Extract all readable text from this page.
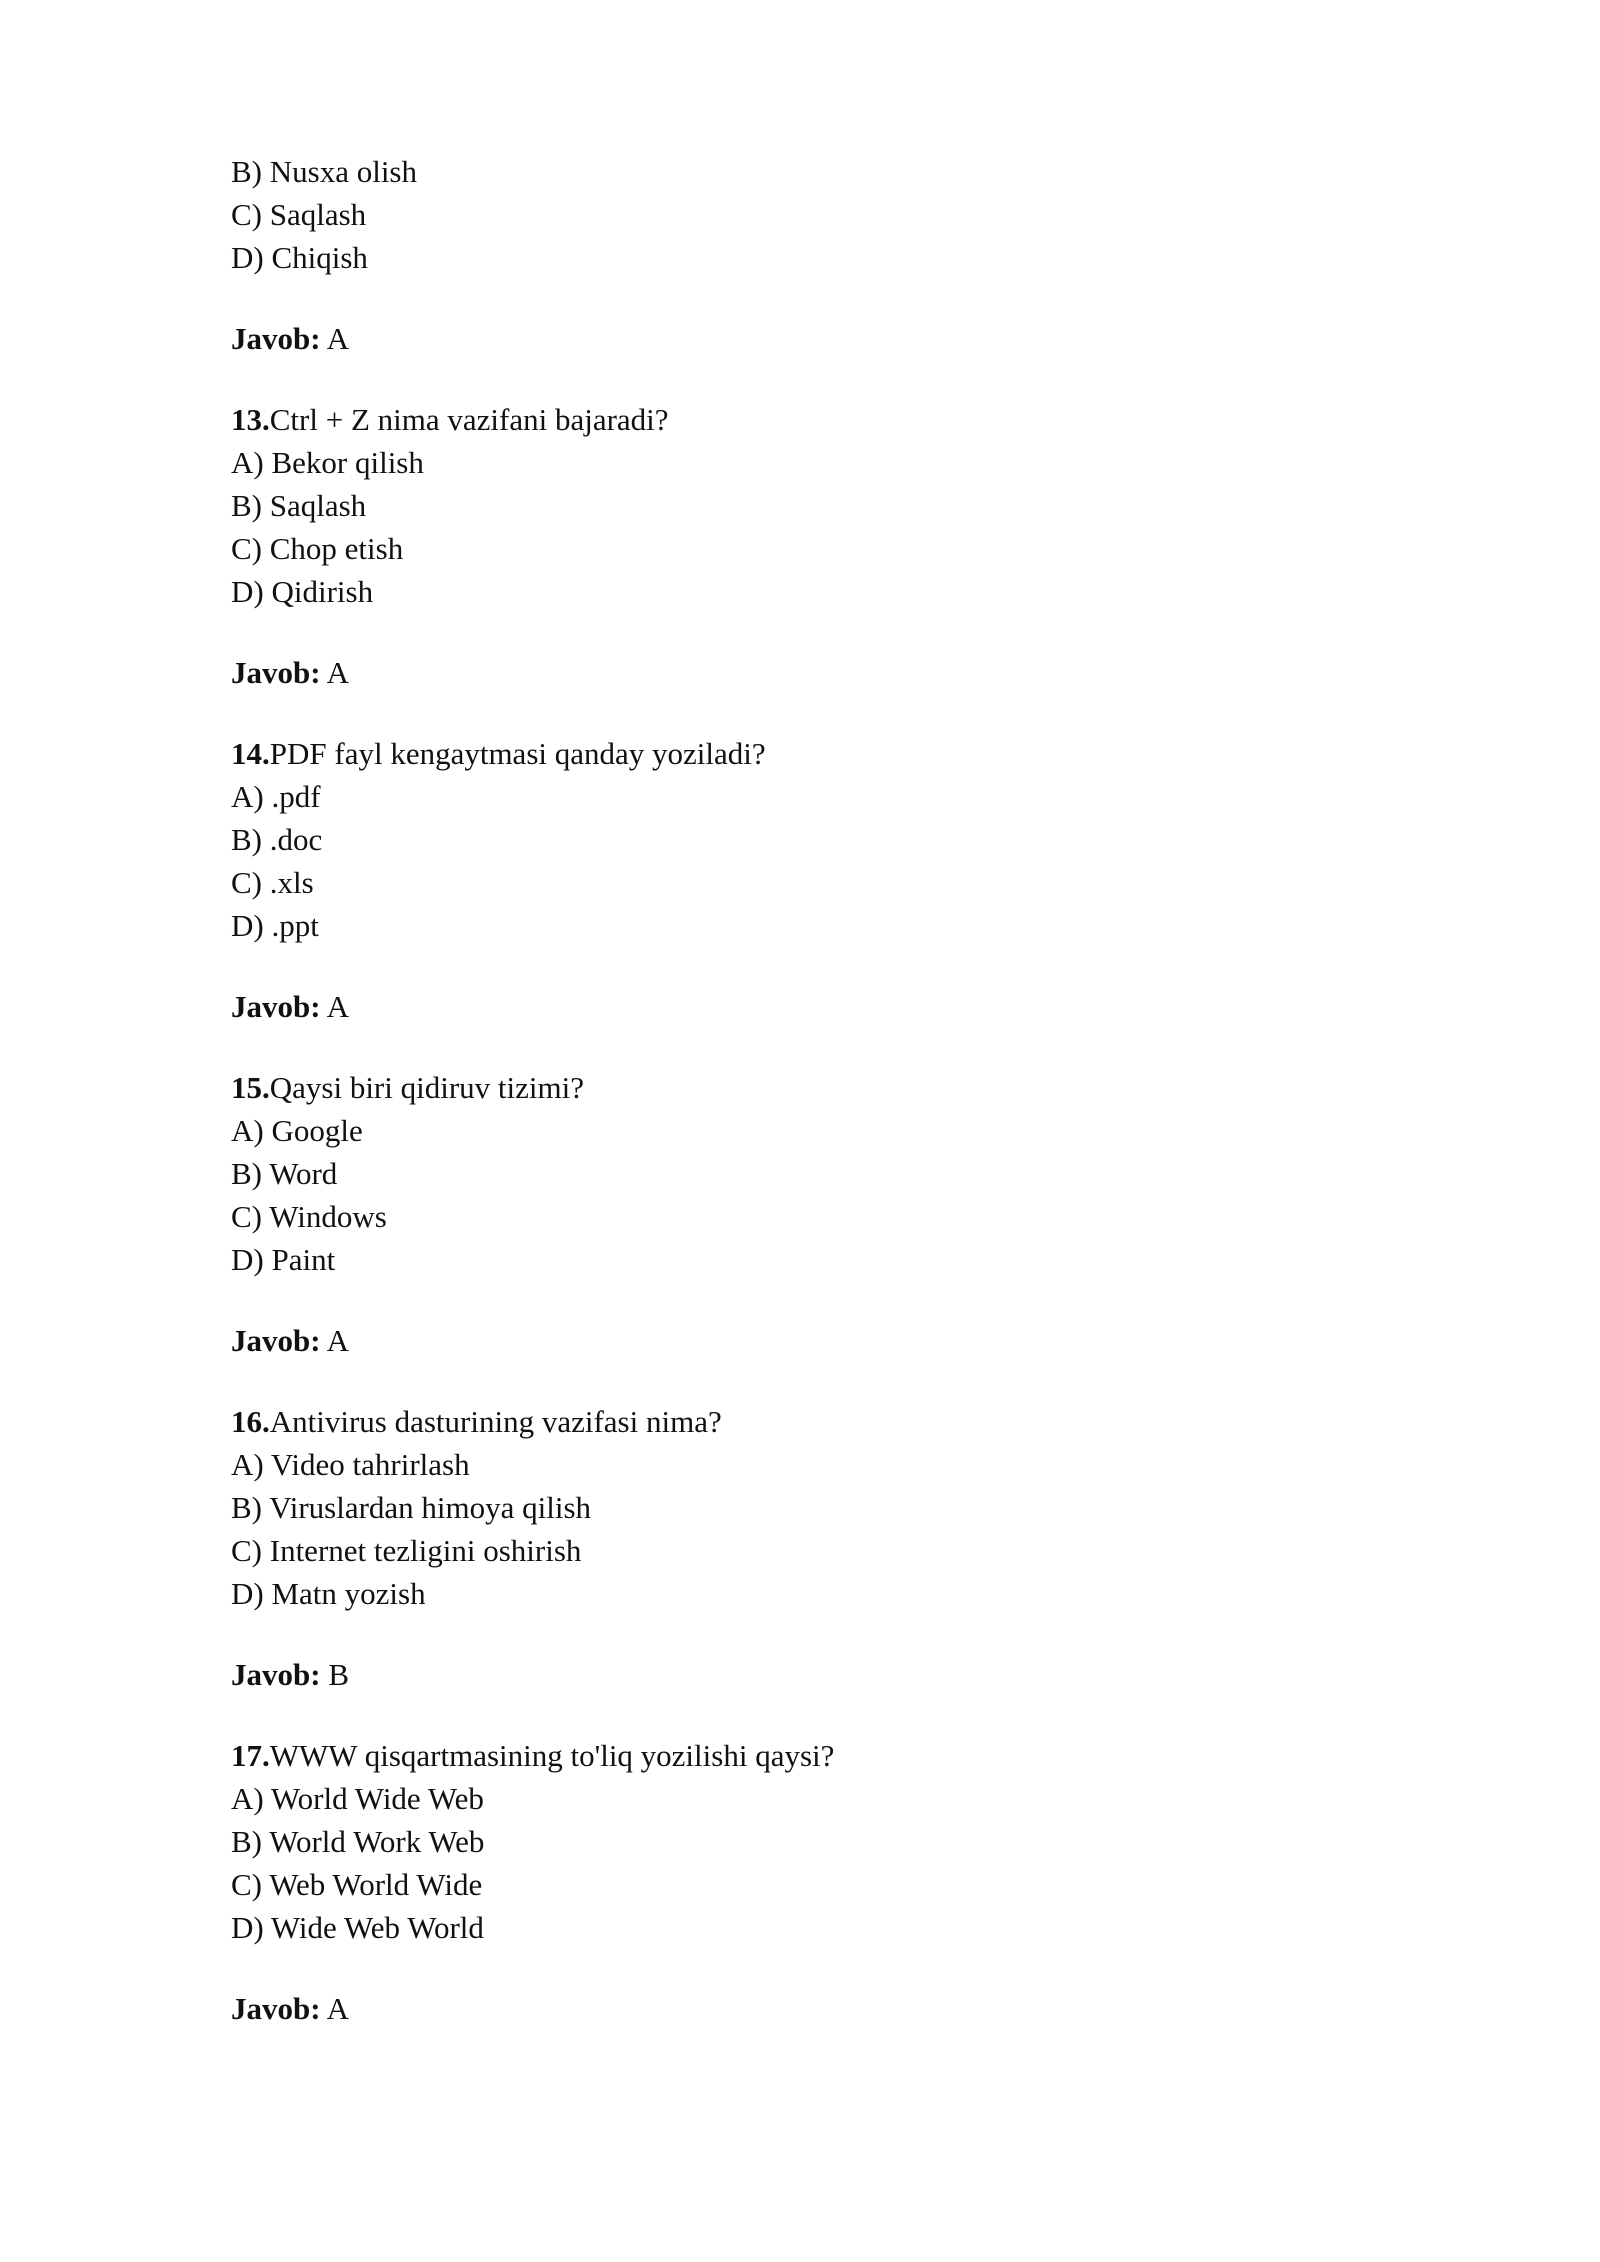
B) Nusxa olish
C) Saqlash
D) Chiqish
Javob: A
13.Ctrl + Z nima vazifani bajaradi?
A) Bekor qilish
B) Saqlash
C) Chop etish
D) Qidirish
Javob: A
14.PDF fayl kengaytmasi qanday yoziladi?
A) .pdf
B) .doc
C) .xls
D) .ppt
Javob: A
15.Qaysi biri qidiruv tizimi?
A) Google
B) Word
C) Windows
D) Paint
Javob: A
16.Antivirus dasturining vazifasi nima?
A) Video tahrirlash
B) Viruslardan himoya qilish
C) Internet tezligini oshirish
D) Matn yozish
Javob: B
17.WWW qisqartmasining to'liq yozilishi qaysi?
A) World Wide Web
B) World Work Web
C) Web World Wide
D) Wide Web World
Javob: A
